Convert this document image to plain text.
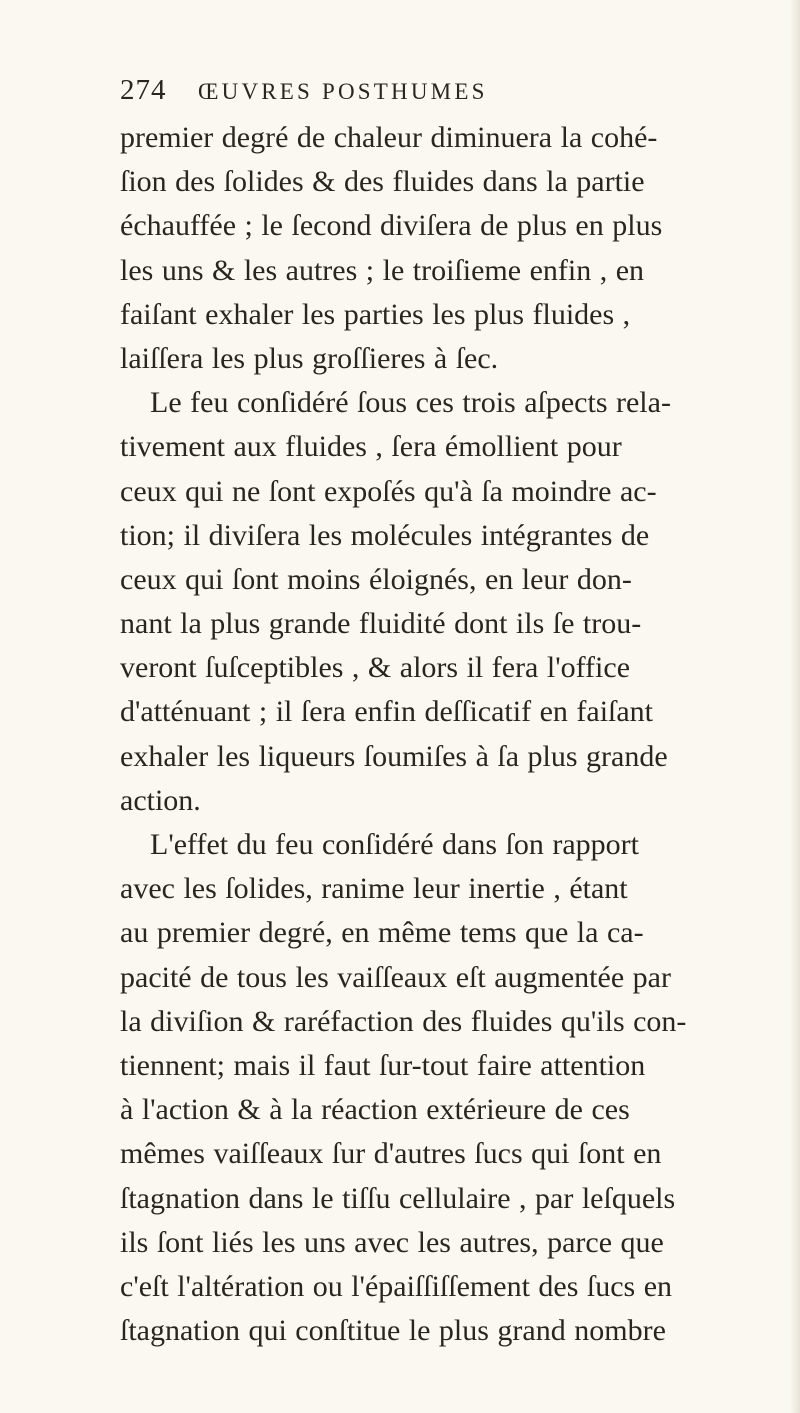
274 ŒUVRES POSTHUMES
premier degré de chaleur diminuera la cohé-
ſion des ſolides & des fluides dans la partie
échauffée ; le ſecond diviſera de plus en plus
les uns & les autres ; le troiſieme enfin , en
faiſant exhaler les parties les plus fluides ,
laiſſera les plus groſſieres à ſec.
Le feu conſidéré ſous ces trois aſpects rela-
tivement aux fluides , ſera émollient pour
ceux qui ne ſont expoſés qu'à ſa moindre ac-
tion; il diviſera les molécules intégrantes de
ceux qui ſont moins éloignés, en leur don-
nant la plus grande fluidité dont ils ſe trou-
veront ſuſceptibles , & alors il fera l'office
d'atténuant ; il ſera enfin deſſicatif en faiſant
exhaler les liqueurs ſoumiſes à ſa plus grande
action.
L'effet du feu conſidéré dans ſon rapport
avec les ſolides, ranime leur inertie , étant
au premier degré, en même tems que la ca-
pacité de tous les vaiſſeaux eſt augmentée par
la diviſion & raréfaction des fluides qu'ils con-
tiennent; mais il faut ſur-tout faire attention
à l'action & à la réaction extérieure de ces
mêmes vaiſſeaux ſur d'autres ſucs qui ſont en
ſtagnation dans le tiſſu cellulaire , par leſquels
ils ſont liés les uns avec les autres, parce que
c'eſt l'altération ou l'épaiſſiſſement des ſucs en
ſtagnation qui conſtitue le plus grand nombre
